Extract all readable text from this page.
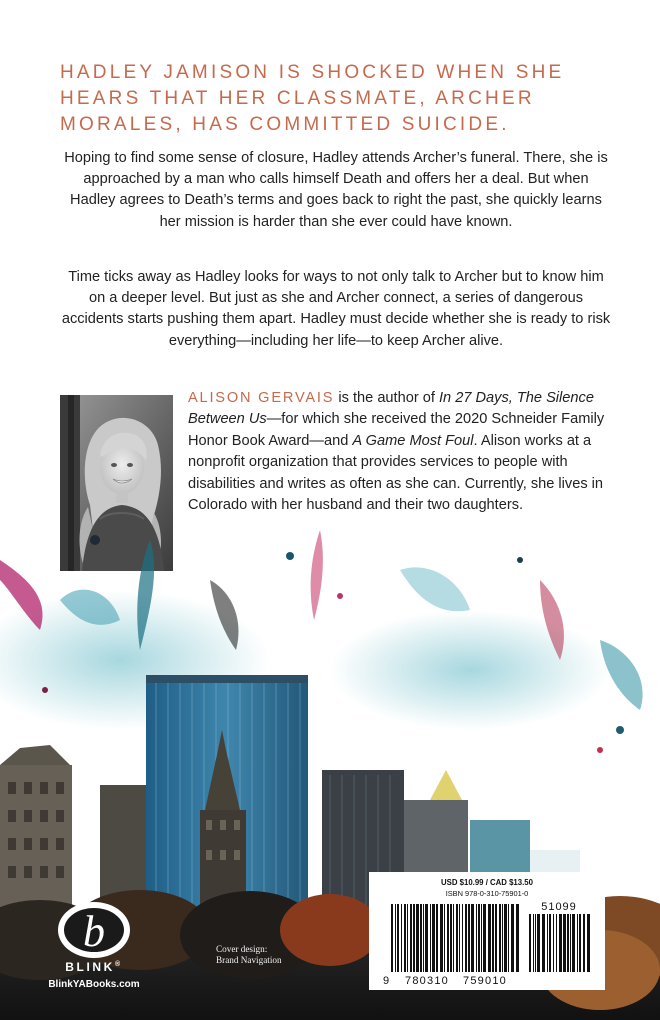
HADLEY JAMISON IS SHOCKED WHEN SHE HEARS THAT HER CLASSMATE, ARCHER MORALES, HAS COMMITTED SUICIDE.

Hoping to find some sense of closure, Hadley attends Archer’s funeral. There, she is approached by a man who calls himself Death and offers her a deal. But when Hadley agrees to Death’s terms and goes back to right the past, she quickly learns her mission is harder than she ever could have known.

Time ticks away as Hadley looks for ways to not only talk to Archer but to know him on a deeper level. But just as she and Archer connect, a series of dangerous accidents starts pushing them apart. Hadley must decide whether she is ready to risk everything—including her life—to keep Archer alive.

ALISON GERVAIS is the author of In 27 Days, The Silence Between Us—for which she received the 2020 Schneider Family Honor Book Award—and A Game Most Foul. Alison works at a nonprofit organization that provides services to people with disabilities and writes as often as she can. Currently, she lives in Colorado with her husband and their two daughters.

b

BLINK®

BlinkYABooks.com

Cover design:
Brand Navigation

USD $10.99 / CAD $13.50

ISBN 978-0-310-75901-0

9 780310 759010
51099
